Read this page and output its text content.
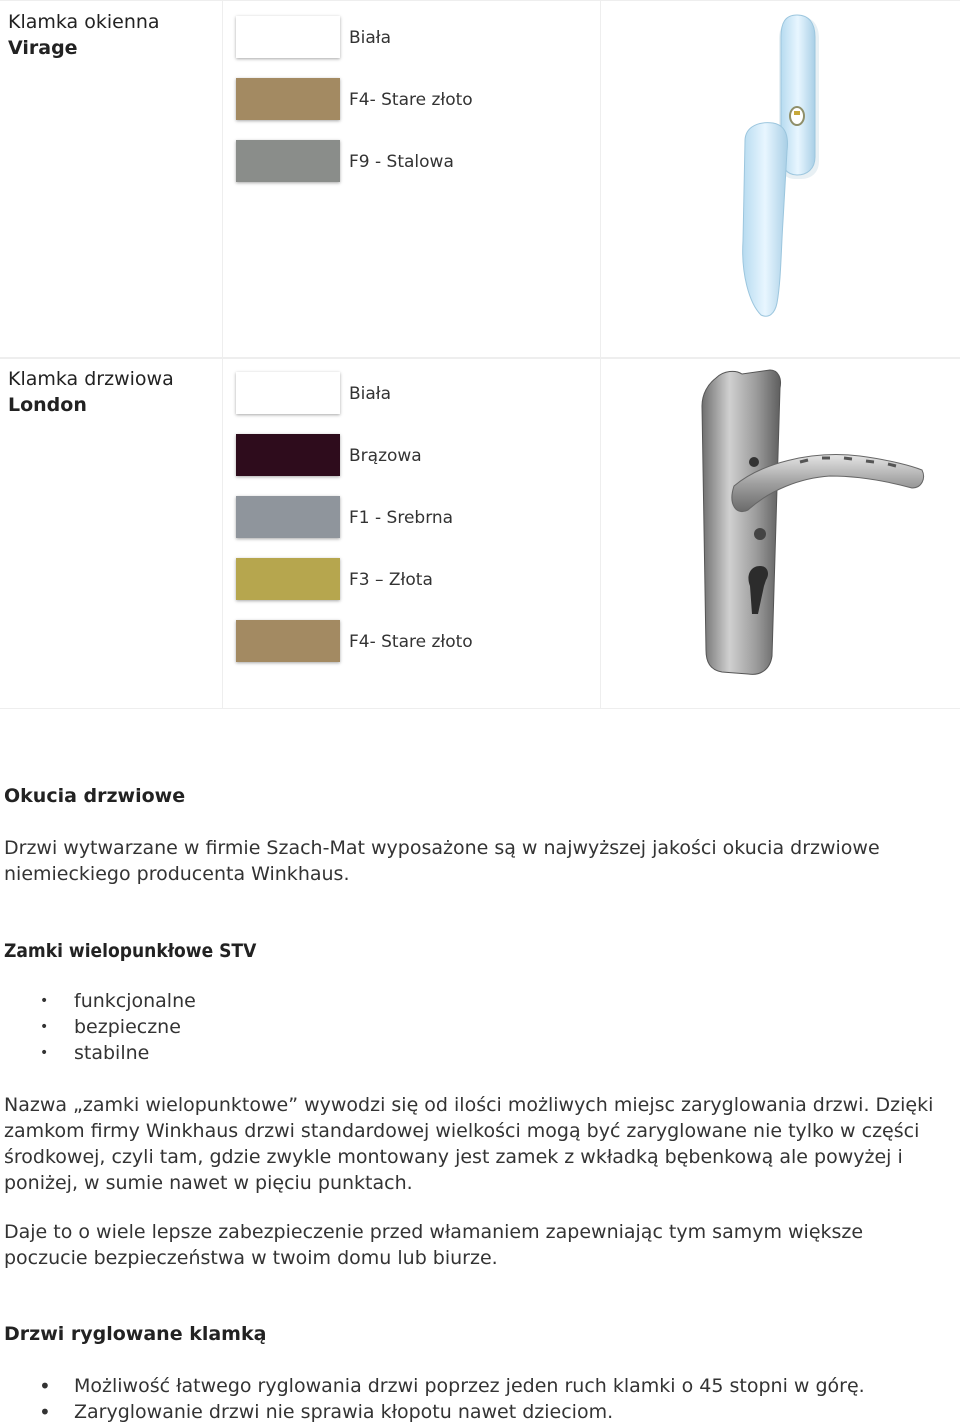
Klamka okienna
Virage	Biała
F4- Stare złoto
F9 - Stalowa
Klamka drzwiowa
London	Biała
Brązowa
F1 - Srebrna
F3 – Złota
F4- Stare złoto
Okucia drzwiowe
Drzwi wytwarzane w firmie Szach-Mat wyposażone są w najwyższej jakości okucia drzwiowe niemieckiego producenta Winkhaus.
Zamki wielopunkłowe STV
• funkcjonalne
• bezpieczne
• stabilne
Nazwa „zamki wielopunktowe” wywodzi się od ilości możliwych miejsc zaryglowania drzwi. Dzięki zamkom firmy Winkhaus drzwi standardowej wielkości mogą być zaryglowane nie tylko w części środkowej, czyli tam, gdzie zwykle montowany jest zamek z wkładką bębenkową ale powyżej i poniżej, w sumie nawet w pięciu punktach.
Daje to o wiele lepsze zabezpieczenie przed włamaniem zapewniając tym samym większe poczucie bezpieczeństwa w twoim domu lub biurze.
Drzwi ryglowane klamką
• Możliwość łatwego ryglowania drzwi poprzez jeden ruch klamki o 45 stopni w górę.
• Zaryglowanie drzwi nie sprawia kłopotu nawet dzieciom.
